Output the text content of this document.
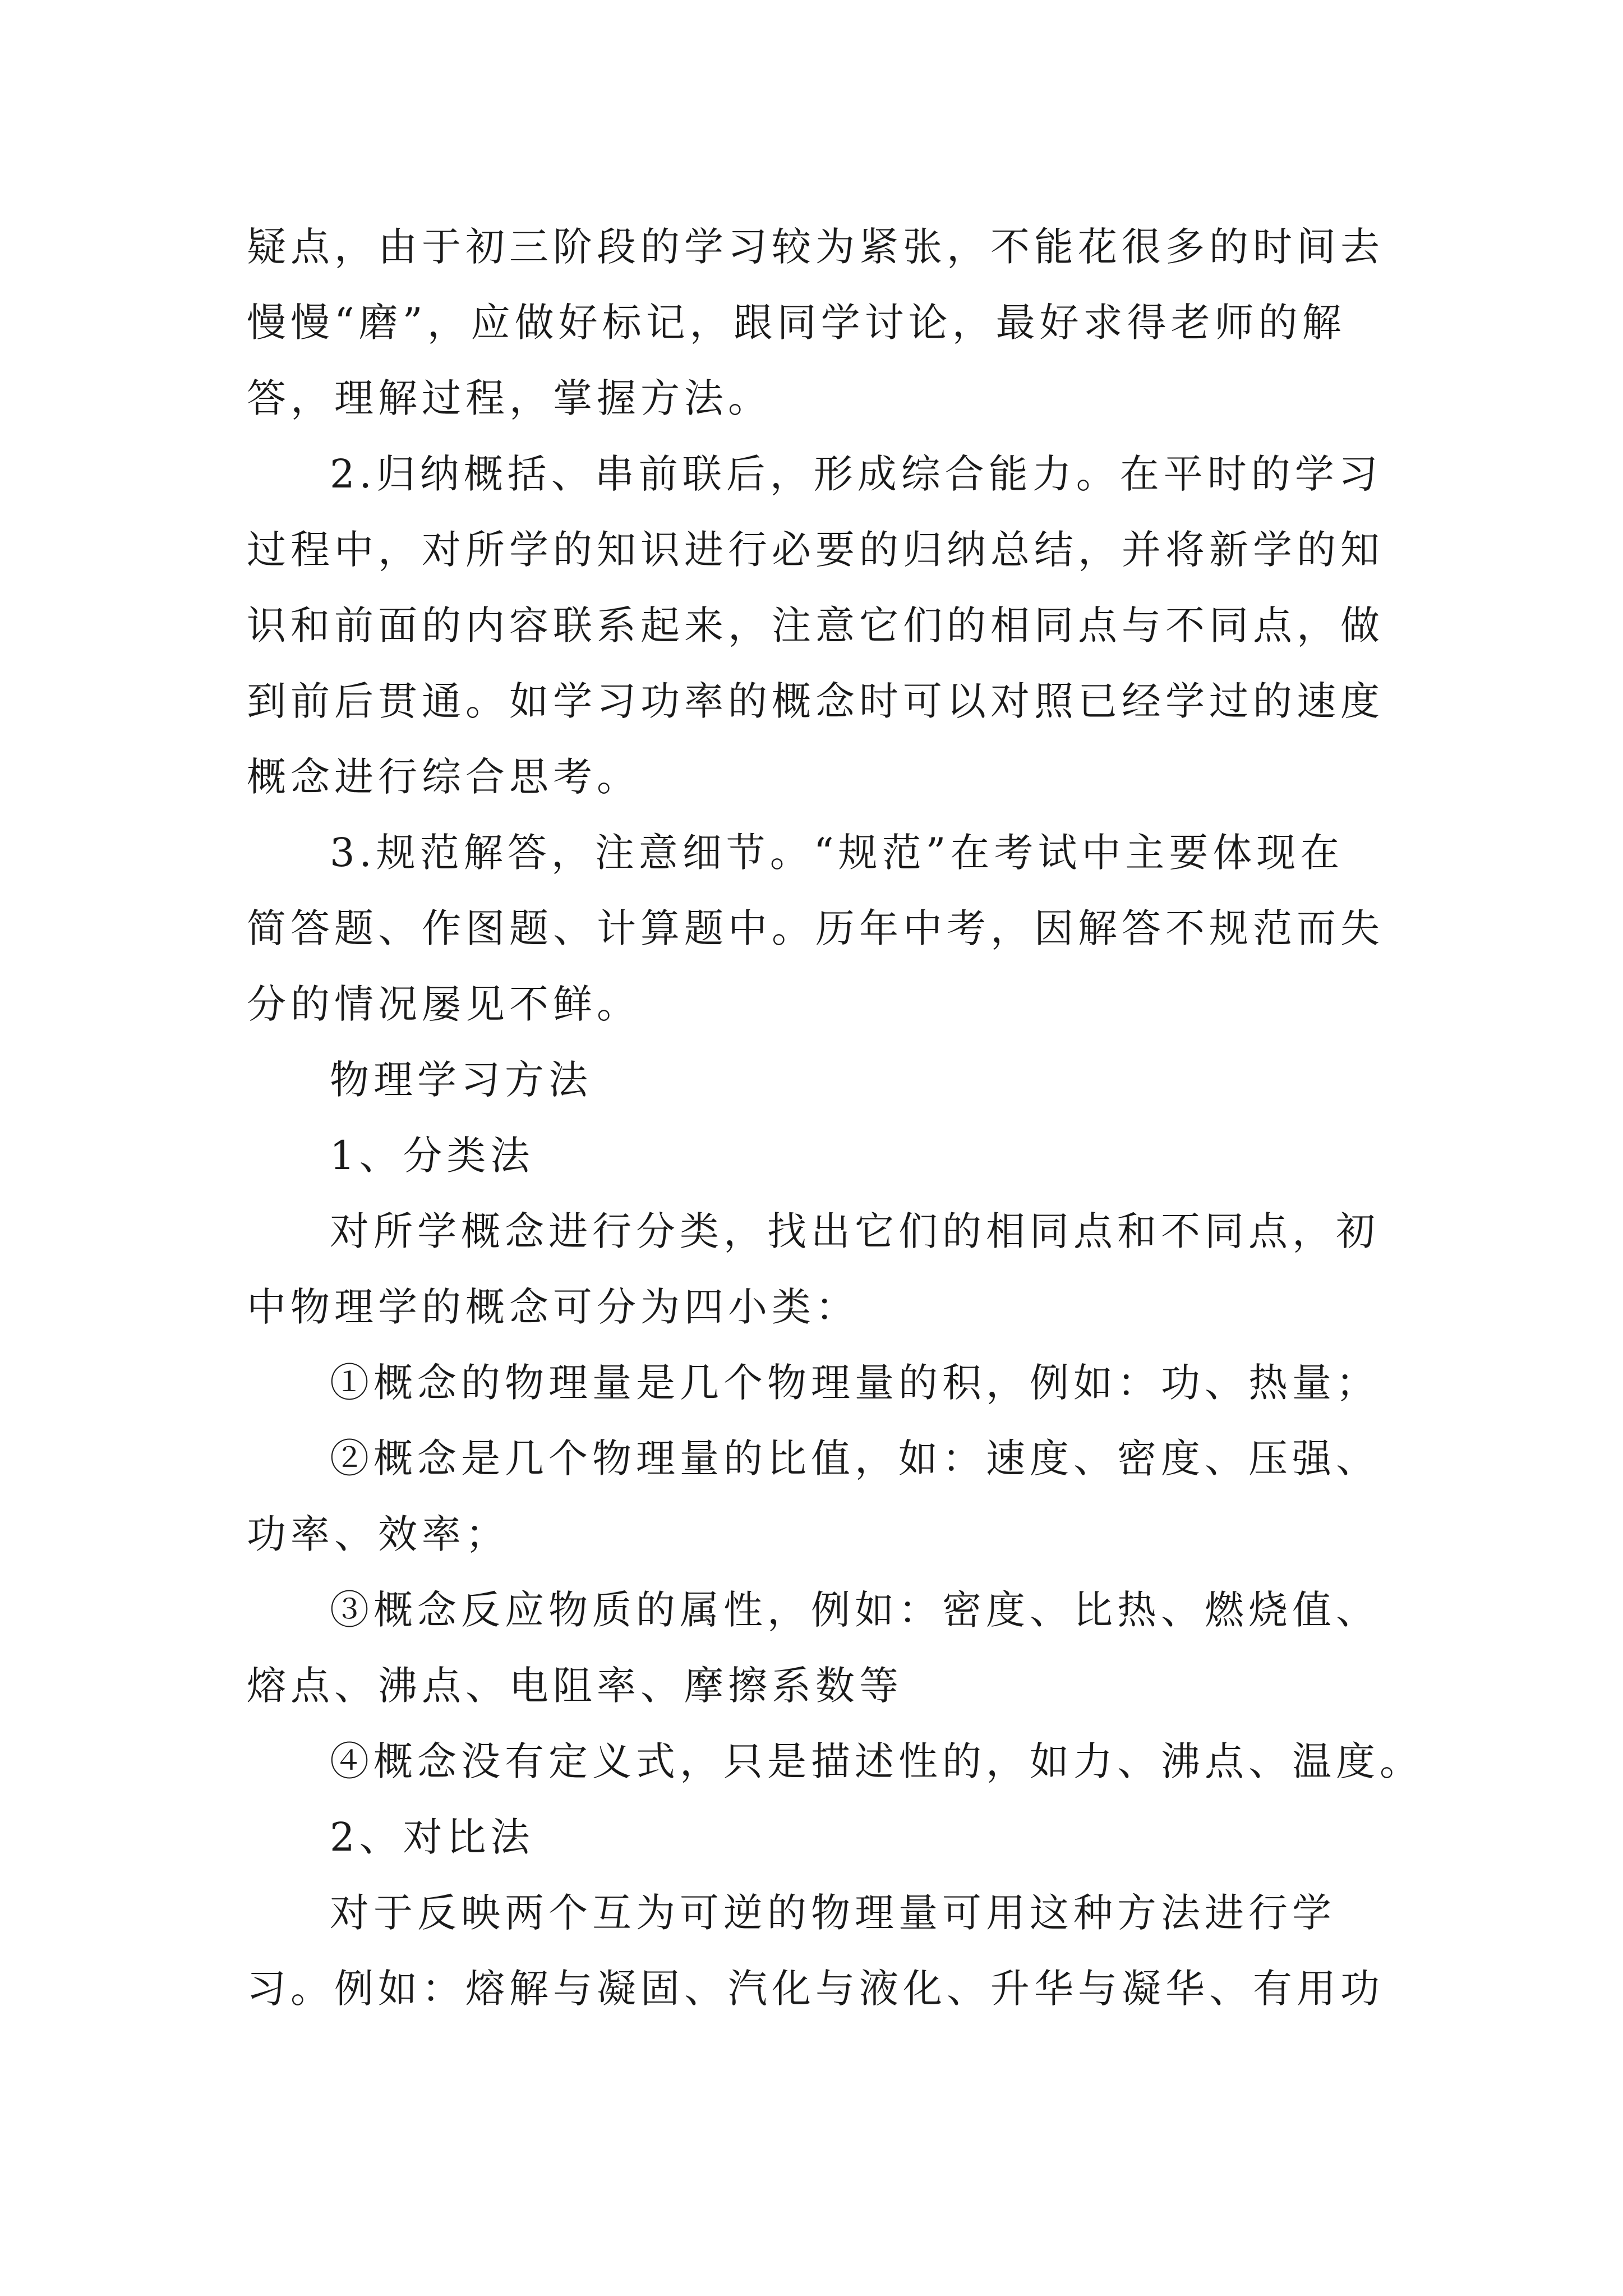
疑点，由于初三阶段的学习较为紧张，不能花很多的时间去

慢慢“磨”，应做好标记，跟同学讨论，最好求得老师的解

答，理解过程，掌握方法。

2.归纳概括、串前联后，形成综合能力。在平时的学习

过程中，对所学的知识进行必要的归纳总结，并将新学的知

识和前面的内容联系起来，注意它们的相同点与不同点，做

到前后贯通。如学习功率的概念时可以对照已经学过的速度

概念进行综合思考。

3.规范解答，注意细节。“规范”在考试中主要体现在

简答题、作图题、计算题中。历年中考，因解答不规范而失

分的情况屡见不鲜。

物理学习方法

1、分类法

对所学概念进行分类，找出它们的相同点和不同点，初

中物理学的概念可分为四小类：

①概念的物理量是几个物理量的积，例如：功、热量；

②概念是几个物理量的比值，如：速度、密度、压强、

功率、效率；

③概念反应物质的属性，例如：密度、比热、燃烧值、

熔点、沸点、电阻率、摩擦系数等

④概念没有定义式，只是描述性的，如力、沸点、温度。

2、对比法

对于反映两个互为可逆的物理量可用这种方法进行学

习。例如：熔解与凝固、汽化与液化、升华与凝华、有用功
